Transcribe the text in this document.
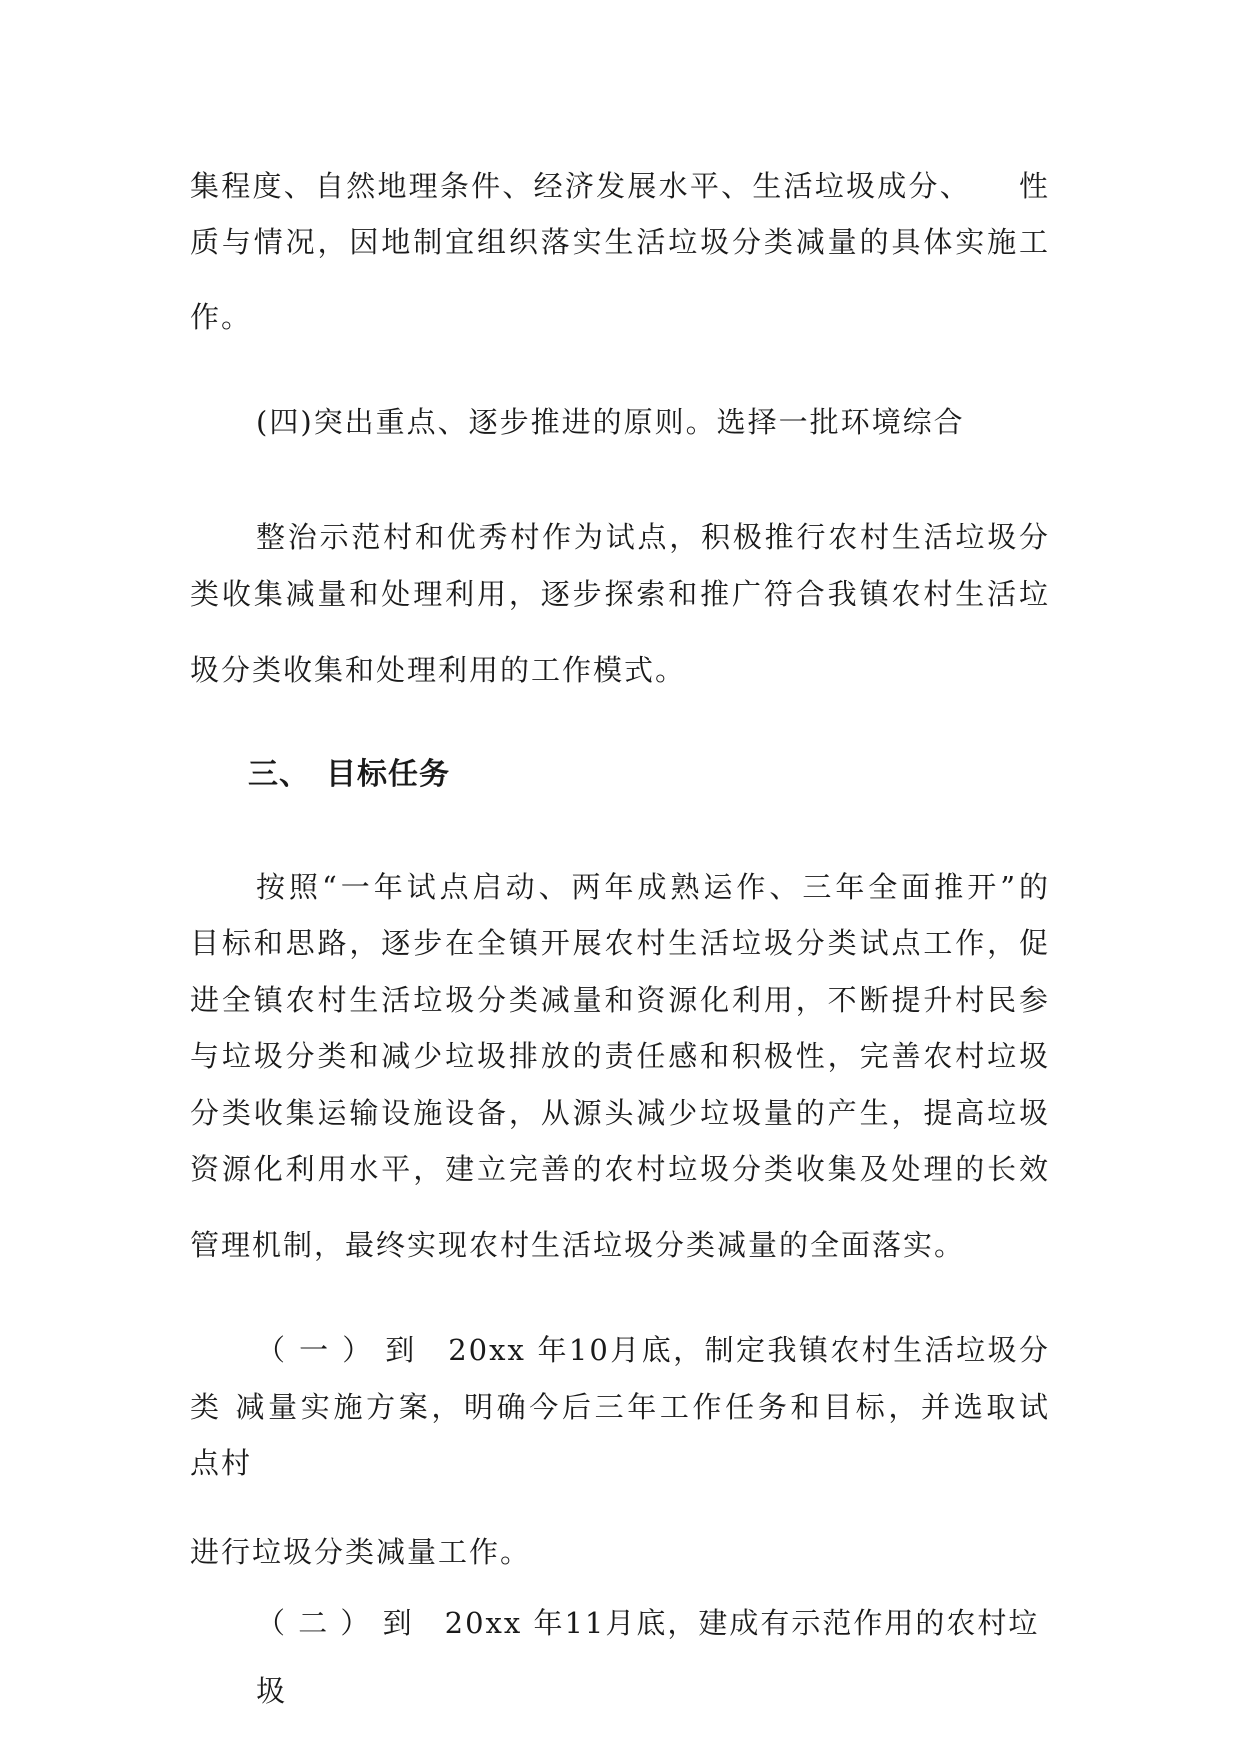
集程度、自然地理条件、经济发展水平、生活垃圾成分、　　性
质与情况，因地制宜组织落实生活垃圾分类减量的具体实施工
作。
(四)突出重点、逐步推进的原则。选择一批环境综合
整治示范村和优秀村作为试点，积极推行农村生活垃圾分
类收集减量和处理利用，逐步探索和推广符合我镇农村生活垃
圾分类收集和处理利用的工作模式。
三、　目标任务
按照“一年试点启动、两年成熟运作、三年全面推开”的
目标和思路，逐步在全镇开展农村生活垃圾分类试点工作，促
进全镇农村生活垃圾分类减量和资源化利用，不断提升村民参
与垃圾分类和减少垃圾排放的责任感和积极性，完善农村垃圾
分类收集运输设施设备，从源头减少垃圾量的产生，提高垃圾
资源化利用水平，建立完善的农村垃圾分类收集及处理的长效
管理机制，最终实现农村生活垃圾分类减量的全面落实。
（ 一 ） 到　20xx 年10月底，制定我镇农村生活垃圾分
类 减量实施方案，明确今后三年工作任务和目标，并选取试
点村
进行垃圾分类减量工作。
（ 二 ） 到　20xx 年11月底，建成有示范作用的农村垃
圾
